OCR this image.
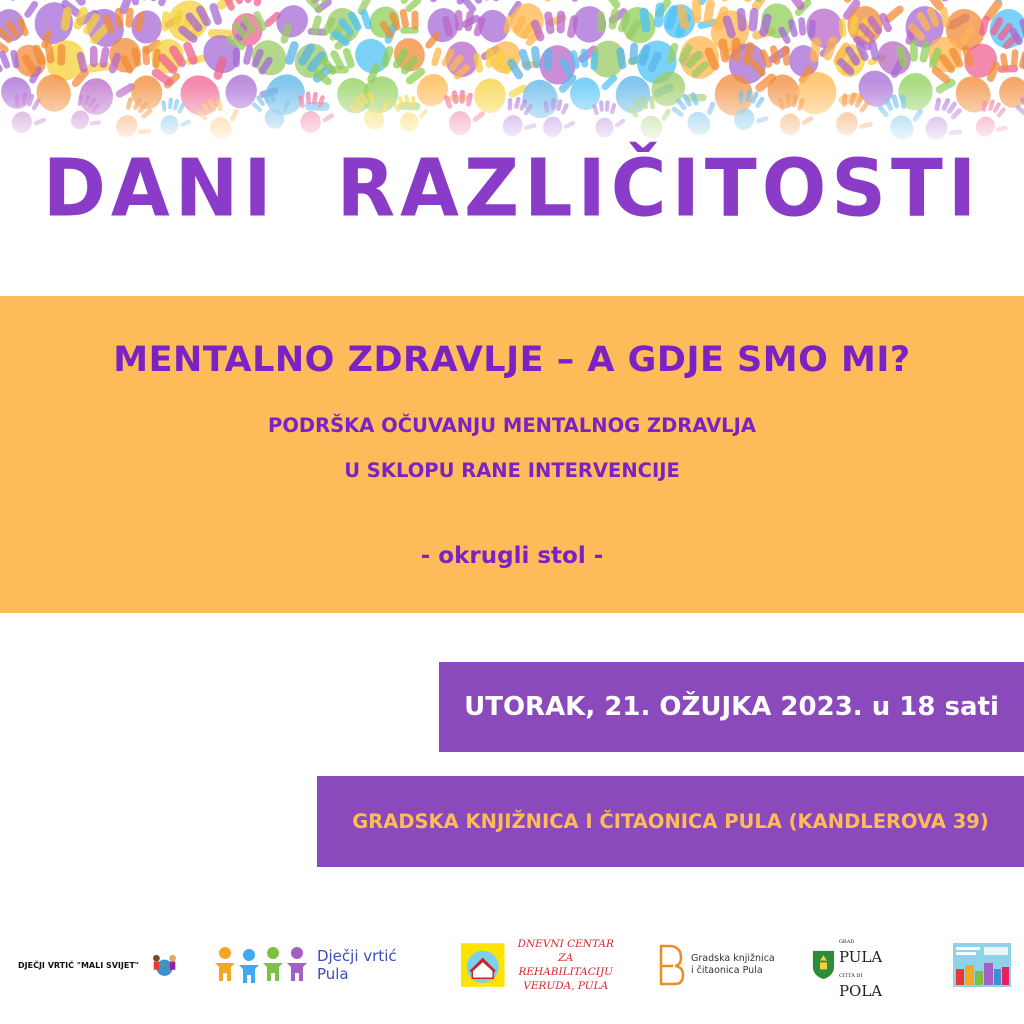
DANI RAZLIČITOSTI
MENTALNO ZDRAVLJE – A GDJE SMO MI?
PODRŠKA OČUVANJU MENTALNOG ZDRAVLJA
U SKLOPU RANE INTERVENCIJE
- okrugli stol -
UTORAK, 21. OŽUJKA 2023. u 18 sati
GRADSKA KNJIŽNICA I ČITAONICA PULA (KANDLEROVA 39)
DJEČJI VRTIĆ "MALI SVIJET"	Dječji vrtić Pula
DNEVNI CENTAR ZA
REHABILITACIJU
VERUDA, PULA
Gradska knjižnica
i čitaonica Pula
GRAD PULA
CITTÀ DI POLA
